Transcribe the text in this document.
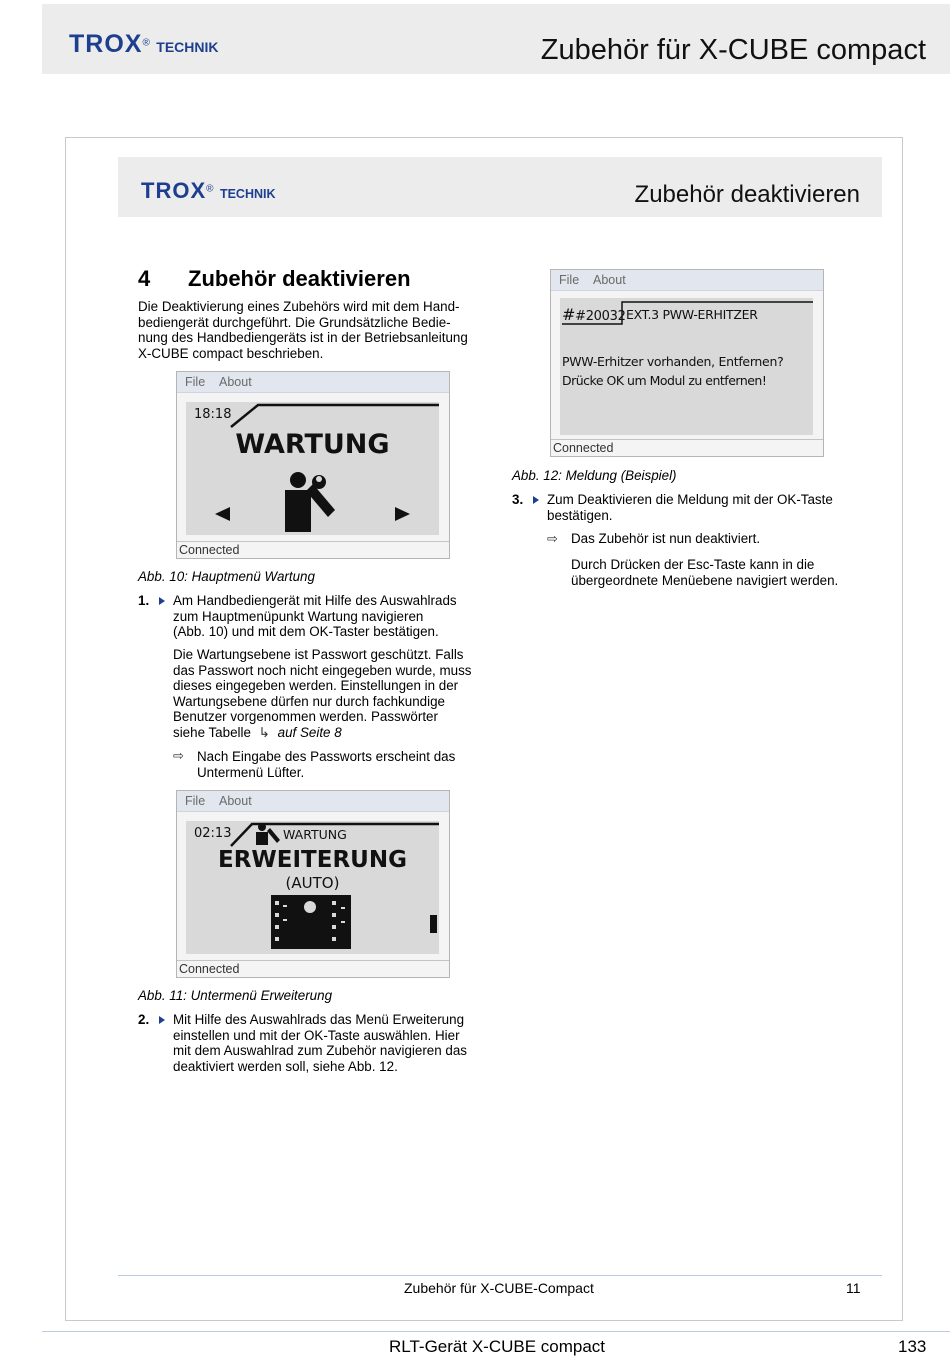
TROX® TECHNIK	Zubehör für X-CUBE compact
TROX® TECHNIK	Zubehör deaktivieren
4 Zubehör deaktivieren
Die Deaktivierung eines Zubehörs wird mit dem Hand-
bediengerät durchgeführt. Die Grundsätzliche Bedie-
nung des Handbediengeräts ist in der Betriebsanleitung
X-CUBE compact beschrieben.
File About
18:18
WARTUNG
Connected
Abb. 10: Hauptmenü Wartung
1. Am Handbediengerät mit Hilfe des Auswahlrads
zum Hauptmenüpunkt Wartung navigieren
(Abb. 10) und mit dem OK-Taster bestätigen.
Die Wartungsebene ist Passwort geschützt. Falls
das Passwort noch nicht eingegeben wurde, muss
dieses eingegeben werden. Einstellungen in der
Wartungsebene dürfen nur durch fachkundige
Benutzer vorgenommen werden. Passwörter
siehe Tabelle ↳ auf Seite 8
⇨ Nach Eingabe des Passworts erscheint das
Untermenü Lüfter.
File About
02:13	WARTUNG
ERWEITERUNG
(AUTO)
Connected
Abb. 11: Untermenü Erweiterung
2. Mit Hilfe des Auswahlrads das Menü Erweiterung
einstellen und mit der OK-Taste auswählen. Hier
mit dem Auswahlrad zum Zubehör navigieren das
deaktiviert werden soll, siehe Abb. 12.
File About
##20032 EXT.3 PWW-ERHITZER
PWW-Erhitzer vorhanden, Entfernen?
Drücke OK um Modul zu entfernen!
Connected
Abb. 12: Meldung (Beispiel)
3. Zum Deaktivieren die Meldung mit der OK-Taste
bestätigen.
⇨ Das Zubehör ist nun deaktiviert.
Durch Drücken der Esc-Taste kann in die
übergeordnete Menüebene navigiert werden.
Zubehör für X-CUBE-Compact	11
RLT-Gerät X-CUBE compact	133
